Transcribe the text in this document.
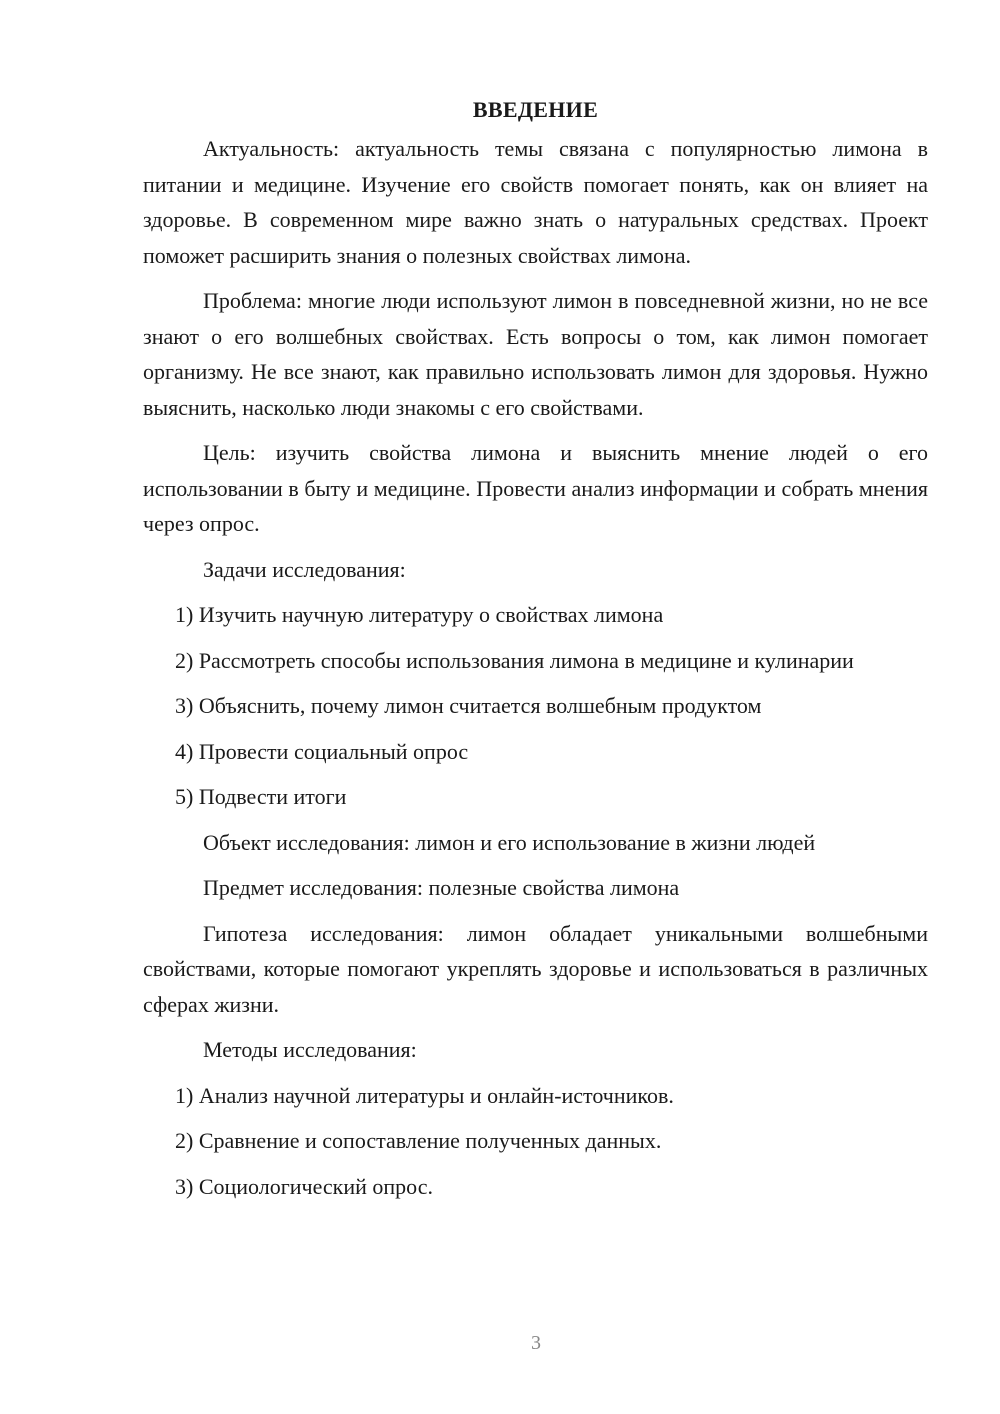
ВВЕДЕНИЕ

Актуальность: актуальность темы связана с популярностью лимона в питании и медицине. Изучение его свойств помогает понять, как он влияет на здоровье. В современном мире важно знать о натуральных средствах. Проект поможет расширить знания о полезных свойствах лимона.

Проблема: многие люди используют лимон в повседневной жизни, но не все знают о его волшебных свойствах. Есть вопросы о том, как лимон помогает организму. Не все знают, как правильно использовать лимон для здоровья. Нужно выяснить, насколько люди знакомы с его свойствами.

Цель: изучить свойства лимона и выяснить мнение людей о его использовании в быту и медицине. Провести анализ информации и собрать мнения через опрос.

Задачи исследования:

1) Изучить научную литературу о свойствах лимона

2) Рассмотреть способы использования лимона в медицине и кулинарии

3) Объяснить, почему лимон считается волшебным продуктом

4) Провести социальный опрос

5) Подвести итоги

Объект исследования: лимон и его использование в жизни людей

Предмет исследования: полезные свойства лимона

Гипотеза исследования: лимон обладает уникальными волшебными свойствами, которые помогают укреплять здоровье и использоваться в различных сферах жизни.

Методы исследования:

1) Анализ научной литературы и онлайн-источников.

2) Сравнение и сопоставление полученных данных.

3) Социологический опрос.

3
